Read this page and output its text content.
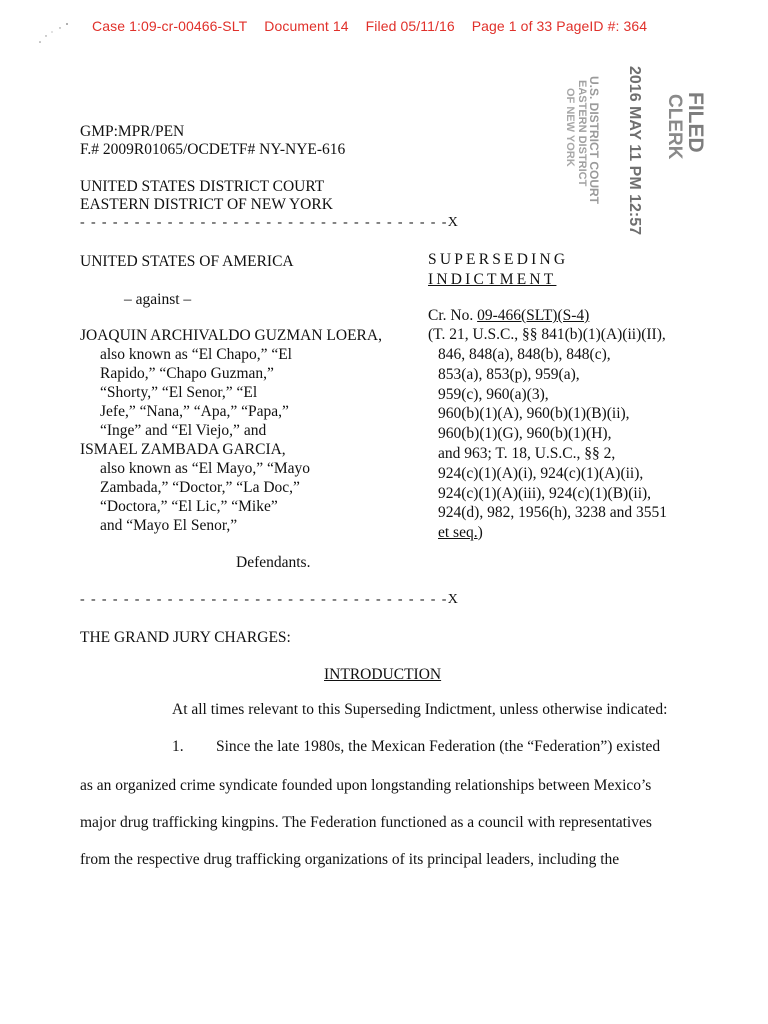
Case 1:09-cr-00466-SLT Document 14 Filed 05/11/16 Page 1 of 33 PageID #: 364
FILED
CLERK
2016 MAY 11 PM 12:57
U.S. DISTRICT COURT
EASTERN DISTRICT
OF NEW YORK
GMP:MPR/PEN
F.# 2009R01065/OCDETF# NY-NYE-616
UNITED STATES DISTRICT COURT
EASTERN DISTRICT OF NEW YORK
- - - - - - - - - - - - - - - - - - - - - - - - - - - - - - - - - -X
UNITED STATES OF AMERICA
– against –
JOAQUIN ARCHIVALDO GUZMAN LOERA,
also known as “El Chapo,” “El
Rapido,” “Chapo Guzman,”
“Shorty,” “El Senor,” “El
Jefe,” “Nana,” “Apa,” “Papa,”
“Inge” and “El Viejo,” and
ISMAEL ZAMBADA GARCIA,
also known as “El Mayo,” “Mayo
Zambada,” “Doctor,” “La Doc,”
“Doctora,” “El Lic,” “Mike”
and “Mayo El Senor,”
Defendants.
- - - - - - - - - - - - - - - - - - - - - - - - - - - - - - - - - -X
SUPERSEDING
INDICTMENT
Cr. No. 09-466(SLT)(S-4)
(T. 21, U.S.C., §§ 841(b)(1)(A)(ii)(II),
846, 848(a), 848(b), 848(c),
853(a), 853(p), 959(a),
959(c), 960(a)(3),
960(b)(1)(A), 960(b)(1)(B)(ii),
960(b)(1)(G), 960(b)(1)(H),
and 963; T. 18, U.S.C., §§ 2,
924(c)(1)(A)(i), 924(c)(1)(A)(ii),
924(c)(1)(A)(iii), 924(c)(1)(B)(ii),
924(d), 982, 1956(h), 3238 and 3551
et seq.)
THE GRAND JURY CHARGES:
INTRODUCTION
At all times relevant to this Superseding Indictment, unless otherwise indicated:
1. Since the late 1980s, the Mexican Federation (the “Federation”) existed
as an organized crime syndicate founded upon longstanding relationships between Mexico’s
major drug trafficking kingpins. The Federation functioned as a council with representatives
from the respective drug trafficking organizations of its principal leaders, including the
